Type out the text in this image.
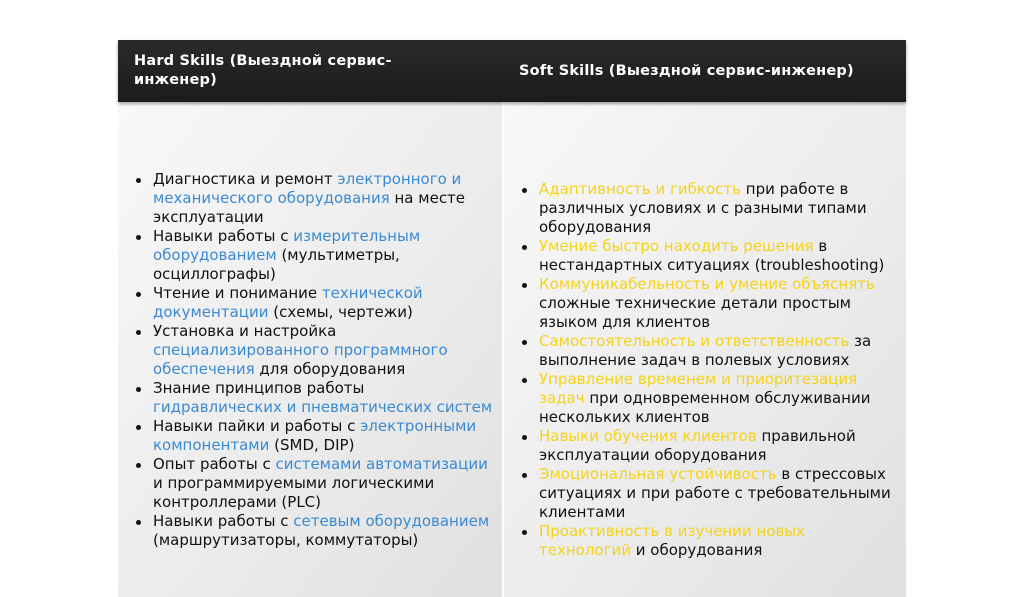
Hard Skills (Выездной сервис-инженер)
Soft Skills (Выездной сервис-инженер)
Диагностика и ремонт электронного и механического оборудования на месте эксплуатации
Навыки работы с измерительным оборудованием (мультиметры, осциллографы)
Чтение и понимание технической документации (схемы, чертежи)
Установка и настройка специализированного программного обеспечения для оборудования
Знание принципов работы гидравлических и пневматических систем
Навыки пайки и работы с электронными компонентами (SMD, DIP)
Опыт работы с системами автоматизации и программируемыми логическими контроллерами (PLC)
Навыки работы с сетевым оборудованием (маршрутизаторы, коммутаторы)
Адаптивность и гибкость при работе в различных условиях и с разными типами оборудования
Умение быстро находить решения в нестандартных ситуациях (troubleshooting)
Коммуникабельность и умение объяснять сложные технические детали простым языком для клиентов
Самостоятельность и ответственность за выполнение задач в полевых условиях
Управление временем и приоритезация задач при одновременном обслуживании нескольких клиентов
Навыки обучения клиентов правильной эксплуатации оборудования
Эмоциональная устойчивость в стрессовых ситуациях и при работе с требовательными клиентами
Проактивность в изучении новых технологий и оборудования
